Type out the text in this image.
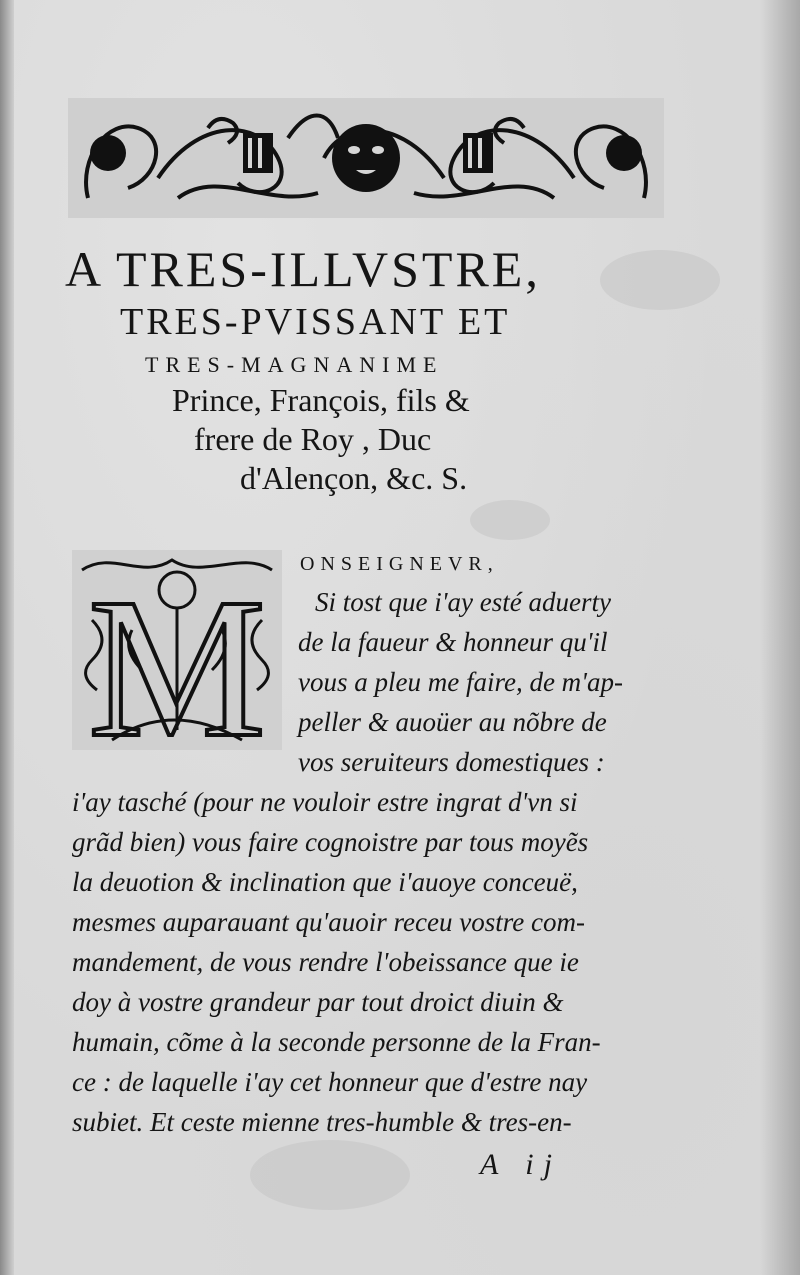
A TRES-ILLVSTRE,
TRES-PVISSANT ET
TRES-MAGNANIME
Prince, François, fils &
frere de Roy , Duc
d'Alençon, &c. S.
M ONSEIGNEVR,
Si tost que i'ay esté aduerty
de la faueur & honneur qu'il
vous a pleu me faire, de m'ap-
peller & auoüer au nõbre de
vos seruiteurs domestiques :
i'ay tasché (pour ne vouloir estre ingrat d'vn si
grãd bien) vous faire cognoistre par tous moyẽs
la deuotion & inclination que i'auoye conceuë,
mesmes auparauant qu'auoir receu vostre com-
mandement, de vous rendre l'obeissance que ie
doy à vostre grandeur par tout droict diuin &
humain, cõme à la seconde personne de la Fran-
ce : de laquelle i'ay cet honneur que d'estre nay
subiet. Et ceste mienne tres-humble & tres-en-
A ij
